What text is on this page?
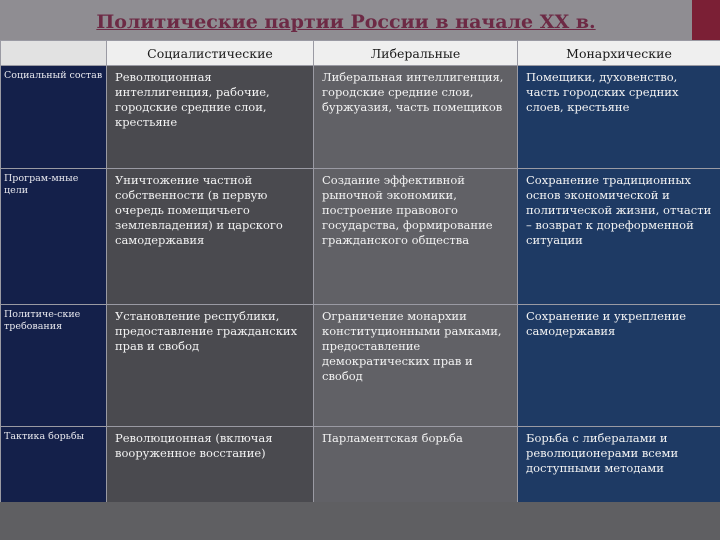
Политические партии России в начале ХХ в.
	Социалистические	Либеральные	Монархические
Социальный состав	Революционная интеллигенция, рабочие, городские средние слои, крестьяне	Либеральная интеллигенция, городские средние слои, буржуазия, часть помещиков	Помещики, духовенство, часть городских средних слоев, крестьяне

Програм-мные цели	Уничтожение частной собственности (в первую очередь помещичьего землевладения) и царского самодержавия	Создание эффективной рыночной экономики, построение правового государства, формирование гражданского общества	Сохранение традиционных основ экономической и политической жизни, отчасти – возврат к дореформенной ситуации

Политиче-ские требования	Установление республики, предоставление гражданских прав и свобод	Ограничение монархии конституционными рамками, предоставление демократических прав и свобод	Сохранение и укрепление самодержавия

Тактика борьбы	Революционная (включая вооруженное восстание)	Парламентская борьба	Борьба с либералами и революционерами всеми доступными методами
